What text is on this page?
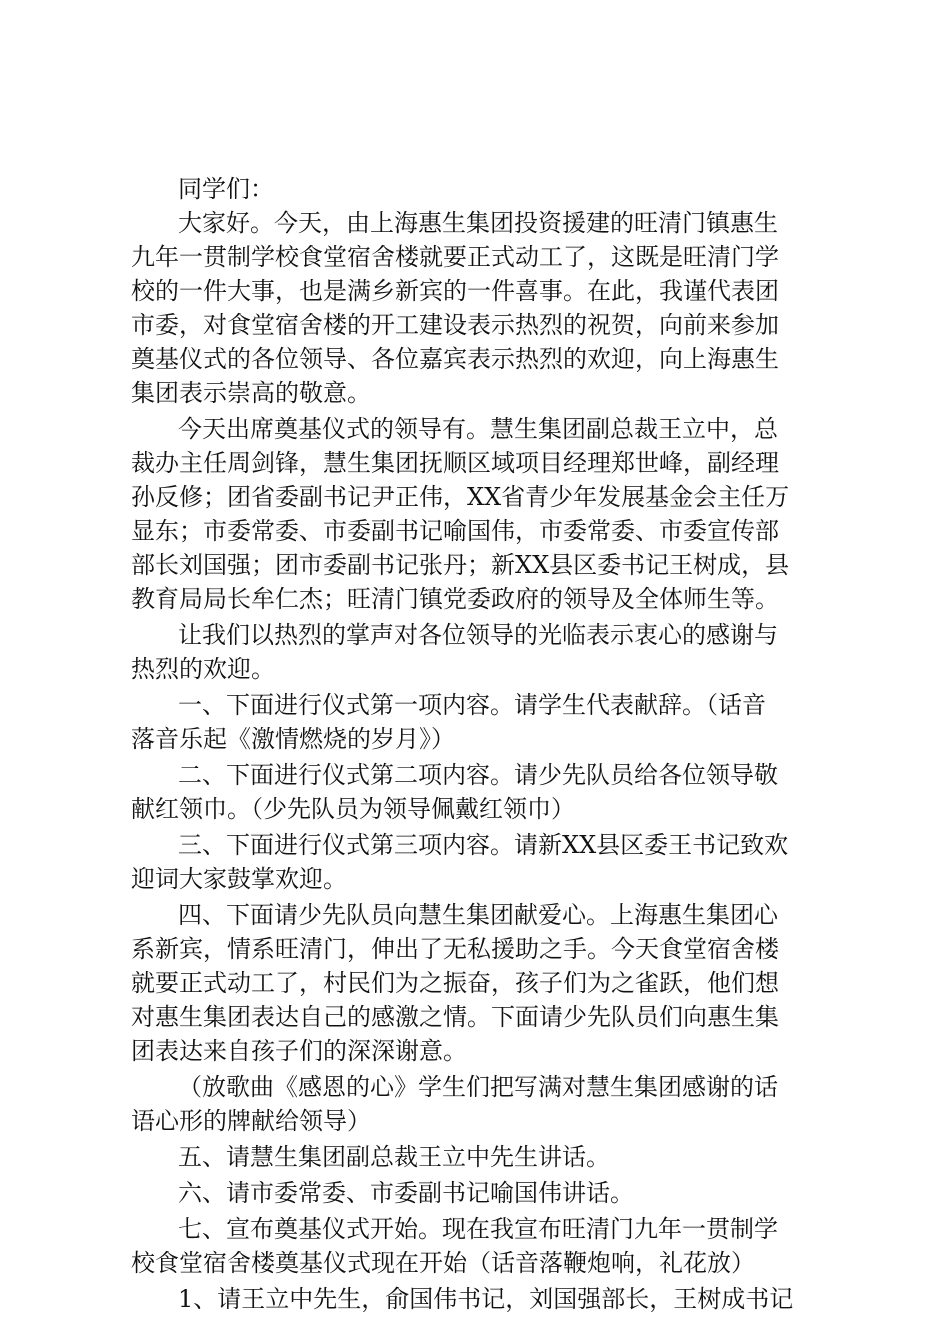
同学们：
大家好。今天，由上海惠生集团投资援建的旺清门镇惠生
九年一贯制学校食堂宿舍楼就要正式动工了，这既是旺清门学
校的一件大事，也是满乡新宾的一件喜事。在此，我谨代表团
市委，对食堂宿舍楼的开工建设表示热烈的祝贺，向前来参加
奠基仪式的各位领导、各位嘉宾表示热烈的欢迎，向上海惠生
集团表示崇高的敬意。
今天出席奠基仪式的领导有。慧生集团副总裁王立中，总
裁办主任周剑锋，慧生集团抚顺区域项目经理郑世峰，副经理
孙反修；团省委副书记尹正伟，XX省青少年发展基金会主任万
显东；市委常委、市委副书记喻国伟，市委常委、市委宣传部
部长刘国强；团市委副书记张丹；新XX县区委书记王树成，县
教育局局长牟仁杰；旺清门镇党委政府的领导及全体师生等。
让我们以热烈的掌声对各位领导的光临表示衷心的感谢与
热烈的欢迎。
一、下面进行仪式第一项内容。请学生代表献辞。（话音
落音乐起《激情燃烧的岁月》）
二、下面进行仪式第二项内容。请少先队员给各位领导敬
献红领巾。（少先队员为领导佩戴红领巾）
三、下面进行仪式第三项内容。请新XX县区委王书记致欢
迎词大家鼓掌欢迎。
四、下面请少先队员向慧生集团献爱心。上海惠生集团心
系新宾，情系旺清门，伸出了无私援助之手。今天食堂宿舍楼
就要正式动工了，村民们为之振奋，孩子们为之雀跃，他们想
对惠生集团表达自己的感激之情。下面请少先队员们向惠生集
团表达来自孩子们的深深谢意。
（放歌曲《感恩的心》学生们把写满对慧生集团感谢的话
语心形的牌献给领导）
五、请慧生集团副总裁王立中先生讲话。
六、请市委常委、市委副书记喻国伟讲话。
七、宣布奠基仪式开始。现在我宣布旺清门九年一贯制学
校食堂宿舍楼奠基仪式现在开始（话音落鞭炮响，礼花放）
1、请王立中先生，俞国伟书记，刘国强部长，王树成书记
